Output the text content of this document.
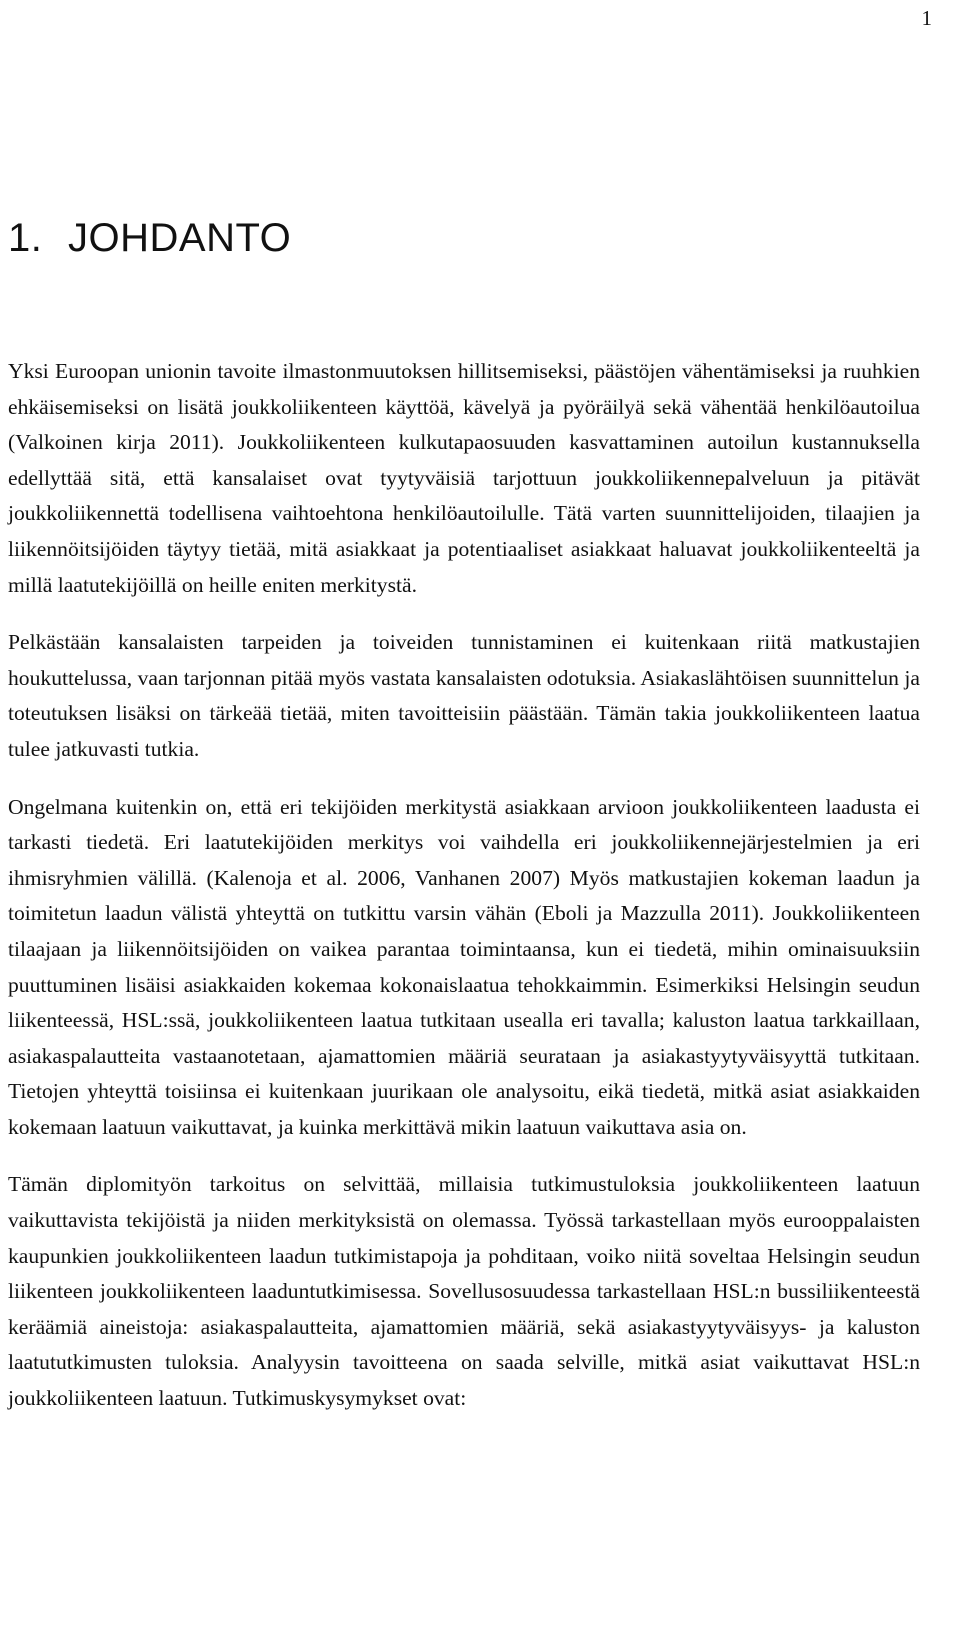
1
1. JOHDANTO

Yksi Euroopan unionin tavoite ilmastonmuutoksen hillitsemiseksi, päästöjen vähentämiseksi ja ruuhkien ehkäisemiseksi on lisätä joukkoliikenteen käyttöä, kävelyä ja pyöräilyä sekä vähentää henkilöautoilua (Valkoinen kirja 2011). Joukkoliikenteen kulkutapaosuuden kasvattaminen autoilun kustannuksella edellyttää sitä, että kansalaiset ovat tyytyväisiä tarjottuun joukkoliikennepalveluun ja pitävät joukkoliikennettä todellisena vaihtoehtona henkilöautoilulle. Tätä varten suunnittelijoiden, tilaajien ja liikennöitsijöiden täytyy tietää, mitä asiakkaat ja potentiaaliset asiakkaat haluavat joukkoliikenteeltä ja millä laatutekijöillä on heille eniten merkitystä.

Pelkästään kansalaisten tarpeiden ja toiveiden tunnistaminen ei kuitenkaan riitä matkustajien houkuttelussa, vaan tarjonnan pitää myös vastata kansalaisten odotuksia. Asiakaslähtöisen suunnittelun ja toteutuksen lisäksi on tärkeää tietää, miten tavoitteisiin päästään. Tämän takia joukkoliikenteen laatua tulee jatkuvasti tutkia.

Ongelmana kuitenkin on, että eri tekijöiden merkitystä asiakkaan arvioon joukkoliikenteen laadusta ei tarkasti tiedetä. Eri laatutekijöiden merkitys voi vaihdella eri joukkoliikennejärjestelmien ja eri ihmisryhmien välillä. (Kalenoja et al. 2006, Vanhanen 2007) Myös matkustajien kokeman laadun ja toimitetun laadun välistä yhteyttä on tutkittu varsin vähän (Eboli ja Mazzulla 2011). Joukkoliikenteen tilaajaan ja liikennöitsijöiden on vaikea parantaa toimintaansa, kun ei tiedetä, mihin ominaisuuksiin puuttuminen lisäisi asiakkaiden kokemaa kokonaislaatua tehokkaimmin. Esimerkiksi Helsingin seudun liikenteessä, HSL:ssä, joukkoliikenteen laatua tutkitaan usealla eri tavalla; kaluston laatua tarkkaillaan, asiakaspalautteita vastaanotetaan, ajamattomien määriä seurataan ja asiakastyytyväisyyttä tutkitaan. Tietojen yhteyttä toisiinsa ei kuitenkaan juurikaan ole analysoitu, eikä tiedetä, mitkä asiat asiakkaiden kokemaan laatuun vaikuttavat, ja kuinka merkittävä mikin laatuun vaikuttava asia on.

Tämän diplomityön tarkoitus on selvittää, millaisia tutkimustuloksia joukkoliikenteen laatuun vaikuttavista tekijöistä ja niiden merkityksistä on olemassa. Työssä tarkastellaan myös eurooppalaisten kaupunkien joukkoliikenteen laadun tutkimistapoja ja pohditaan, voiko niitä soveltaa Helsingin seudun liikenteen joukkoliikenteen laaduntutkimisessa. Sovellusosuudessa tarkastellaan HSL:n bussiliikenteestä keräämiä aineistoja: asiakaspalautteita, ajamattomien määriä, sekä asiakastyytyväisyys- ja kaluston laatututkimusten tuloksia. Analyysin tavoitteena on saada selville, mitkä asiat vaikuttavat HSL:n joukkoliikenteen laatuun. Tutkimuskysymykset ovat:
